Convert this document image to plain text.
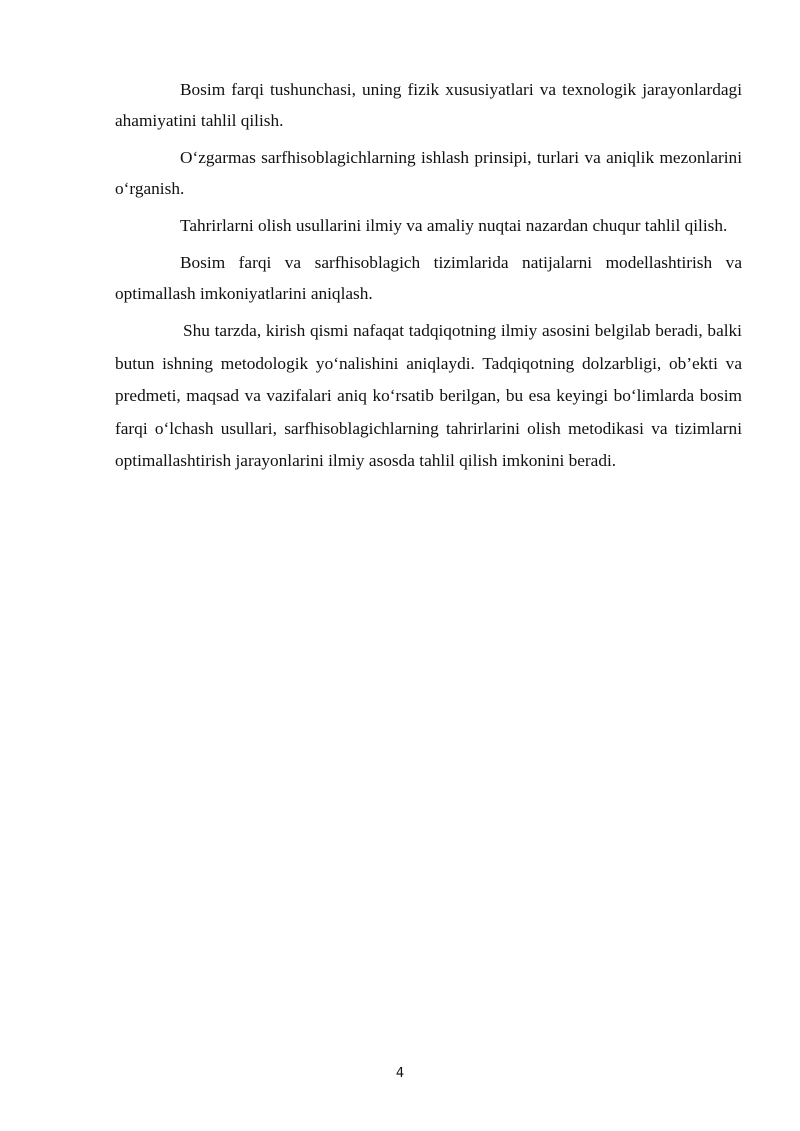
Bosim farqi tushunchasi, uning fizik xususiyatlari va texnologik jarayonlardagi ahamiyatini tahlil qilish.

O‘zgarmas sarfhisoblagichlarning ishlash prinsipi, turlari va aniqlik mezonlarini o‘rganish.

Tahrirlarni olish usullarini ilmiy va amaliy nuqtai nazardan chuqur tahlil qilish.

Bosim farqi va sarfhisoblagich tizimlarida natijalarni modellashtirish va optimallash imkoniyatlarini aniqlash.

Shu tarzda, kirish qismi nafaqat tadqiqotning ilmiy asosini belgilab beradi, balki butun ishning metodologik yo‘nalishini aniqlaydi. Tadqiqotning dolzarbligi, ob’ekti va predmeti, maqsad va vazifalari aniq ko‘rsatib berilgan, bu esa keyingi bo‘limlarda bosim farqi o‘lchash usullari, sarfhisoblagichlarning tahrirlarini olish metodikasi va tizimlarni optimallashtirish jarayonlarini ilmiy asosda tahlil qilish imkonini beradi.

4
